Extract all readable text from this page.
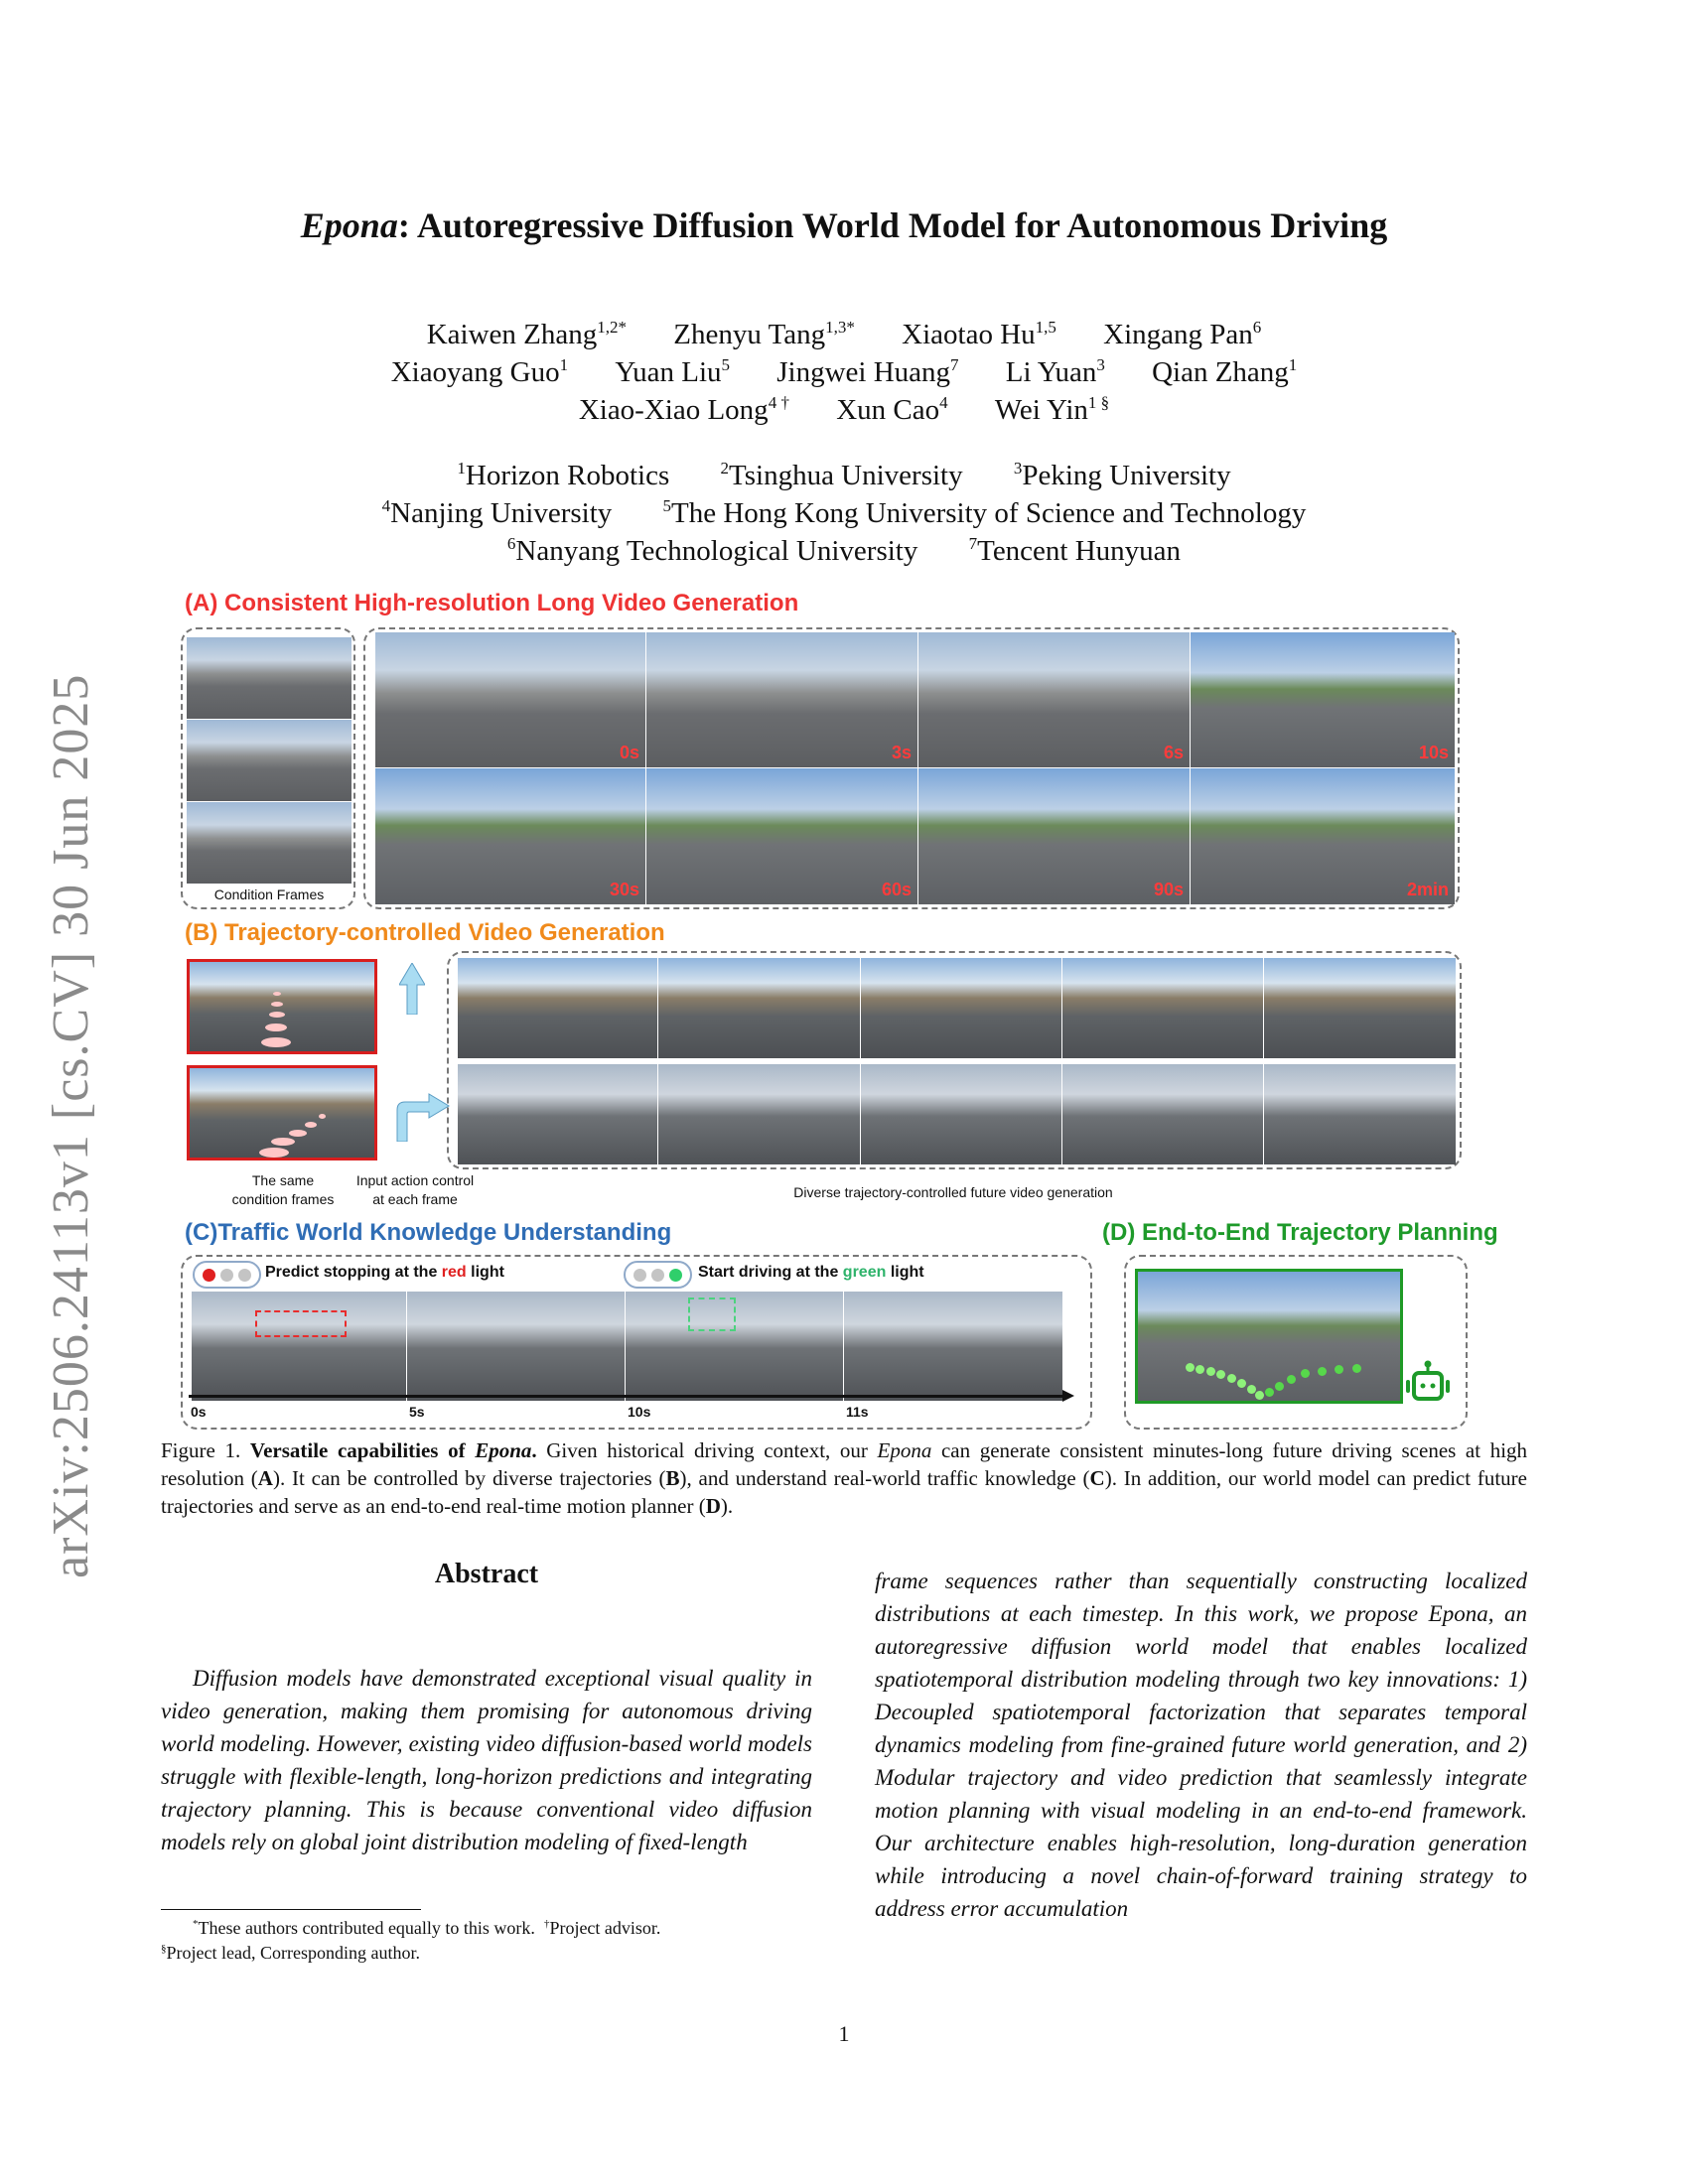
arXiv:2506.24113v1 [cs.CV] 30 Jun 2025
Epona: Autoregressive Diffusion World Model for Autonomous Driving
Kaiwen Zhang$^{1,2*}$ Zhenyu Tang$^{1,3*}$ Xiaotao Hu$^{1,5}$ Xingang Pan$^6$
Xiaoyang Guo$^1$ Yuan Liu$^5$ Jingwei Huang$^7$ Li Yuan$^3$ Qian Zhang$^1$
Xiao-Xiao Long$^{4 \dagger}$ Xun Cao$^4$ Wei Yin$^{1 \S}$
$^1$Horizon Robotics	$^2$Tsinghua University	$^3$Peking University
$^4$Nanjing University	$^5$The Hong Kong University of Science and Technology
$^6$Nanyang Technological University	$^7$Tencent Hunyuan
(A) Consistent High-resolution Long Video Generation
Condition Frames
0s	3s	6s	10s
30s	60s	90s	2min
(B) Trajectory-controlled Video Generation
The same
condition frames
Input action control
at each frame	Diverse trajectory-controlled future video generation
(C)Traffic World Knowledge Understanding
Predict stopping at the red light	Start driving at the green light
0s	5s	10s	11s
(D) End-to-End Trajectory Planning
Figure 1. Versatile capabilities of Epona. Given historical driving context, our Epona can generate consistent minutes-long future driving scenes at high resolution (A). It can be controlled by diverse trajectories (B), and understand real-world traffic knowledge (C). In addition, our world model can predict future trajectories and serve as an end-to-end real-time motion planner (D).
Abstract
Diffusion models have demonstrated exceptional visual quality in video generation, making them promising for autonomous driving world modeling. However, existing video diffusion-based world models struggle with flexible-length, long-horizon predictions and integrating trajectory planning. This is because conventional video diffusion models rely on global joint distribution modeling of fixed-length
frame sequences rather than sequentially constructing localized distributions at each timestep. In this work, we propose Epona, an autoregressive diffusion world model that enables localized spatiotemporal distribution modeling through two key innovations: 1) Decoupled spatiotemporal factorization that separates temporal dynamics modeling from fine-grained future world generation, and 2) Modular trajectory and video prediction that seamlessly integrate motion planning with visual modeling in an end-to-end framework. Our architecture enables high-resolution, long-duration generation while introducing a novel chain-of-forward training strategy to address error accumulation
*These authors contributed equally to this work. †Project advisor.
§Project lead, Corresponding author.
1
